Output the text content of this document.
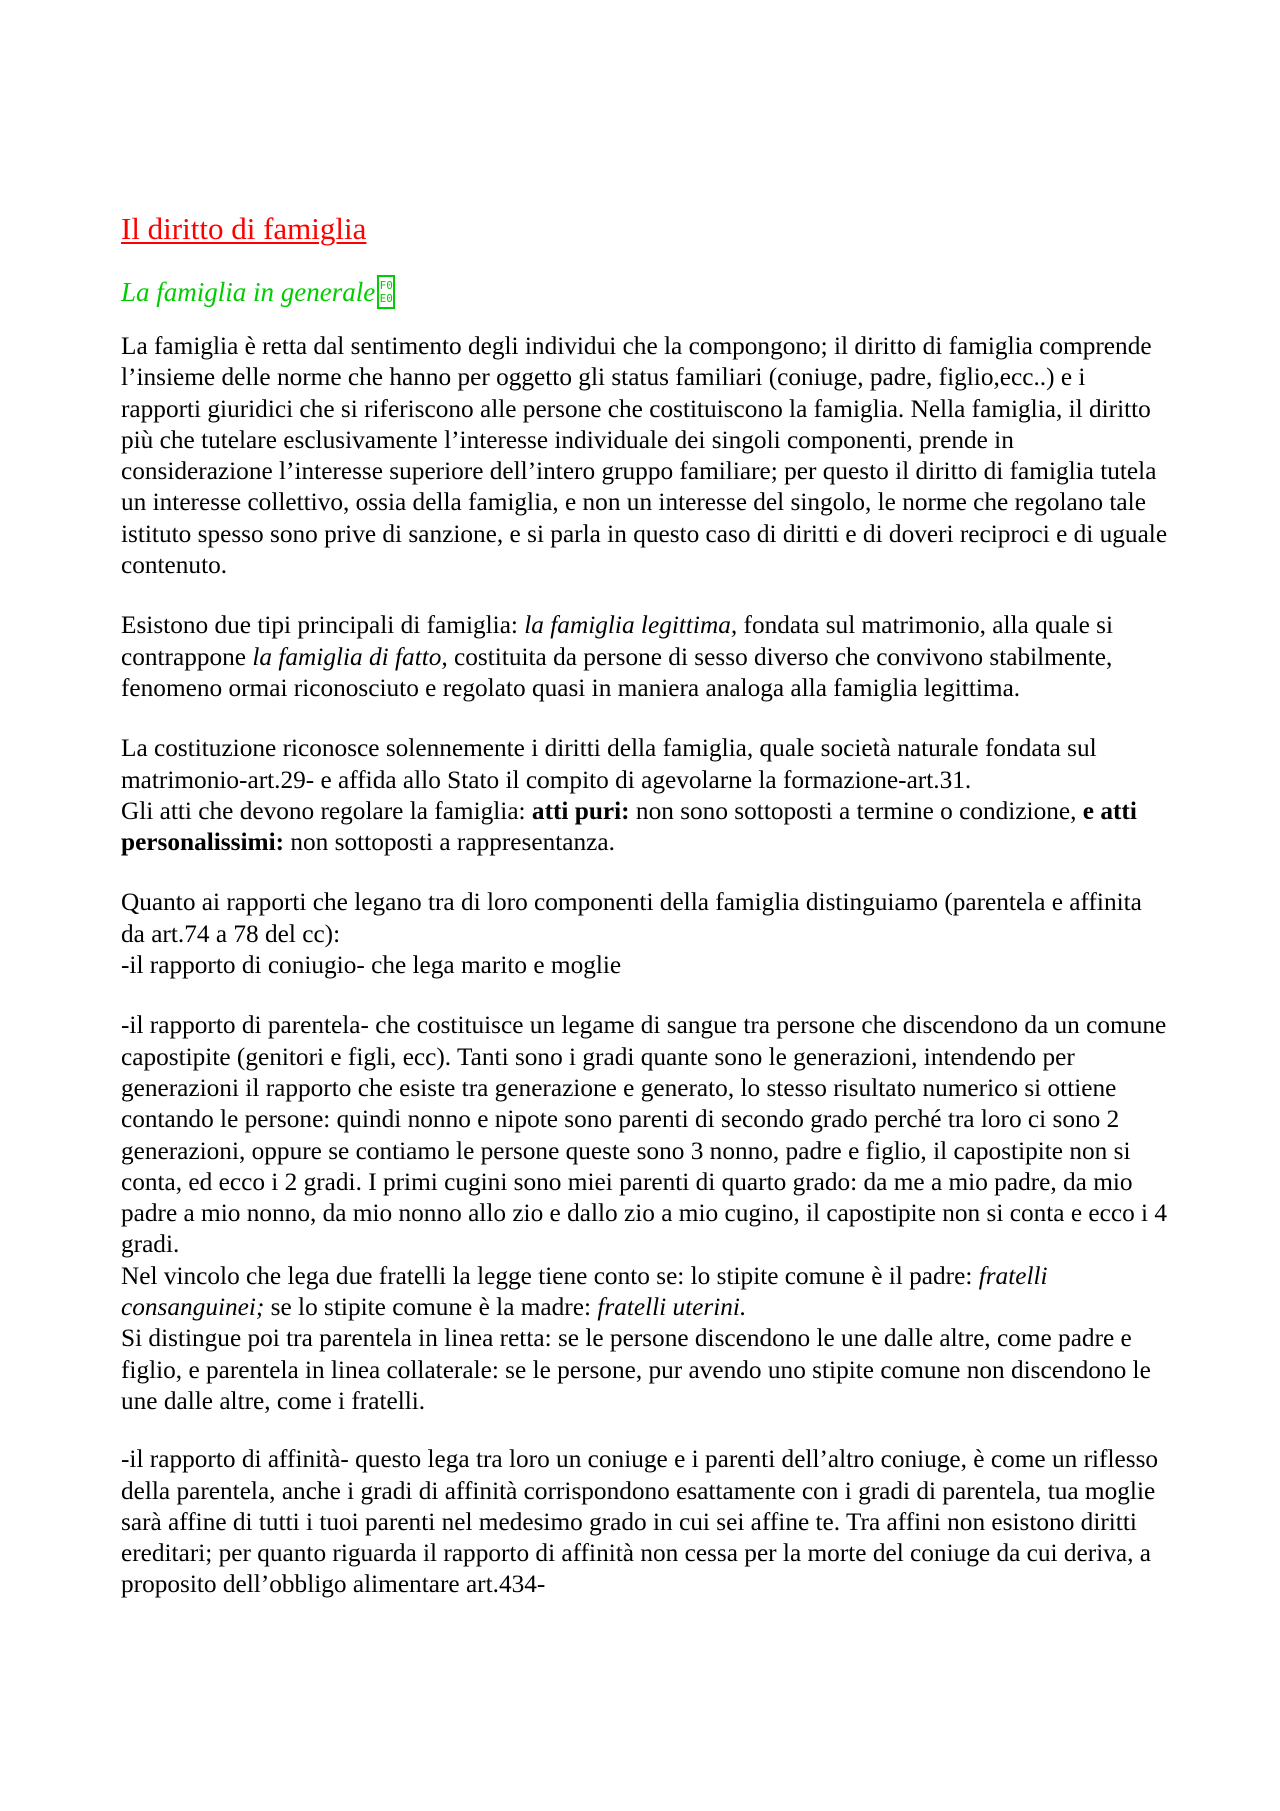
Il diritto di famiglia
La famiglia in generale F0
E0

La famiglia è retta dal sentimento degli individui che la compongono; il diritto di famiglia comprende l’insieme delle norme che hanno per oggetto gli status familiari (coniuge, padre, figlio,ecc..) e i rapporti giuridici che si riferiscono alle persone che costituiscono la famiglia. Nella famiglia, il diritto più che tutelare esclusivamente l’interesse individuale dei singoli componenti, prende in considerazione l’interesse superiore dell’intero gruppo familiare; per questo il diritto di famiglia tutela un interesse collettivo, ossia della famiglia, e non un interesse del singolo, le norme che regolano tale istituto spesso sono prive di sanzione, e si parla in questo caso di diritti e di doveri reciproci e di uguale contenuto.

Esistono due tipi principali di famiglia: la famiglia legittima, fondata sul matrimonio, alla quale si contrappone la famiglia di fatto, costituita da persone di sesso diverso che convivono stabilmente, fenomeno ormai riconosciuto e regolato quasi in maniera analoga alla famiglia legittima.

La costituzione riconosce solennemente i diritti della famiglia, quale società naturale fondata sul matrimonio-art.29- e affida allo Stato il compito di agevolarne la formazione-art.31.

Gli atti che devono regolare la famiglia: atti puri: non sono sottoposti a termine o condizione, e atti personalissimi: non sottoposti a rappresentanza.

Quanto ai rapporti che legano tra di loro componenti della famiglia distinguiamo (parentela e affinita da art.74 a 78 del cc):

-il rapporto di coniugio- che lega marito e moglie

-il rapporto di parentela- che costituisce un legame di sangue tra persone che discendono da un comune capostipite (genitori e figli, ecc). Tanti sono i gradi quante sono le generazioni, intendendo per generazioni il rapporto che esiste tra generazione e generato, lo stesso risultato numerico si ottiene contando le persone: quindi nonno e nipote sono parenti di secondo grado perché tra loro ci sono 2 generazioni, oppure se contiamo le persone queste sono 3 nonno, padre e figlio, il capostipite non si conta, ed ecco i 2 gradi. I primi cugini sono miei parenti di quarto grado: da me a mio padre, da mio padre a mio nonno, da mio nonno allo zio e dallo zio a mio cugino, il capostipite non si conta e ecco i 4 gradi.

Nel vincolo che lega due fratelli la legge tiene conto se: lo stipite comune è il padre: fratelli consanguinei; se lo stipite comune è la madre: fratelli uterini.

Si distingue poi tra parentela in linea retta: se le persone discendono le une dalle altre, come padre e figlio, e parentela in linea collaterale: se le persone, pur avendo uno stipite comune non discendono le une dalle altre, come i fratelli.

-il rapporto di affinità- questo lega tra loro un coniuge e i parenti dell’altro coniuge, è come un riflesso della parentela, anche i gradi di affinità corrispondono esattamente con i gradi di parentela, tua moglie sarà affine di tutti i tuoi parenti nel medesimo grado in cui sei affine te. Tra affini non esistono diritti ereditari; per quanto riguarda il rapporto di affinità non cessa per la morte del coniuge da cui deriva, a proposito dell’obbligo alimentare art.434-
